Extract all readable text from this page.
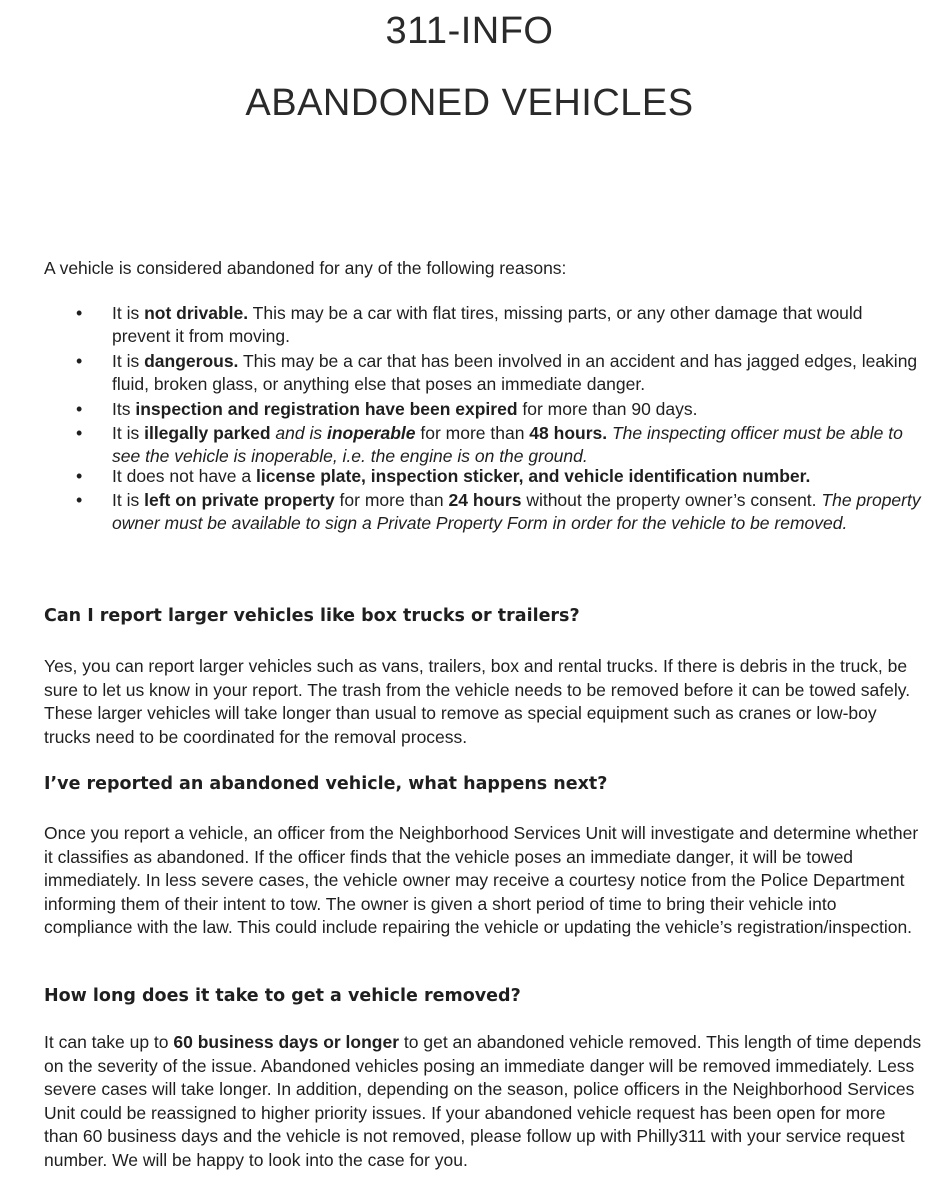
311-INFO
ABANDONED VEHICLES
A vehicle is considered abandoned for any of the following reasons:
• It is not drivable. This may be a car with flat tires, missing parts, or any other damage that would prevent it from moving.
• It is dangerous. This may be a car that has been involved in an accident and has jagged edges, leaking fluid, broken glass, or anything else that poses an immediate danger.
• Its inspection and registration have been expired for more than 90 days.
• It is illegally parked and is inoperable for more than 48 hours. The inspecting officer must be able to see the vehicle is inoperable, i.e. the engine is on the ground.
• It does not have a license plate, inspection sticker, and vehicle identification number.
• It is left on private property for more than 24 hours without the property owner’s consent. The property owner must be available to sign a Private Property Form in order for the vehicle to be removed.
Can I report larger vehicles like box trucks or trailers?

Yes, you can report larger vehicles such as vans, trailers, box and rental trucks. If there is debris in the truck, be sure to let us know in your report. The trash from the vehicle needs to be removed before it can be towed safely. These larger vehicles will take longer than usual to remove as special equipment such as cranes or low-boy trucks need to be coordinated for the removal process.

I’ve reported an abandoned vehicle, what happens next?

Once you report a vehicle, an officer from the Neighborhood Services Unit will investigate and determine whether it classifies as abandoned. If the officer finds that the vehicle poses an immediate danger, it will be towed immediately. In less severe cases, the vehicle owner may receive a courtesy notice from the Police Department informing them of their intent to tow. The owner is given a short period of time to bring their vehicle into compliance with the law. This could include repairing the vehicle or updating the vehicle’s registration/inspection.

How long does it take to get a vehicle removed?

It can take up to 60 business days or longer to get an abandoned vehicle removed. This length of time depends on the severity of the issue. Abandoned vehicles posing an immediate danger will be removed immediately. Less severe cases will take longer. In addition, depending on the season, police officers in the Neighborhood Services Unit could be reassigned to higher priority issues. If your abandoned vehicle request has been open for more than 60 business days and the vehicle is not removed, please follow up with Philly311 with your service request number. We will be happy to look into the case for you.
